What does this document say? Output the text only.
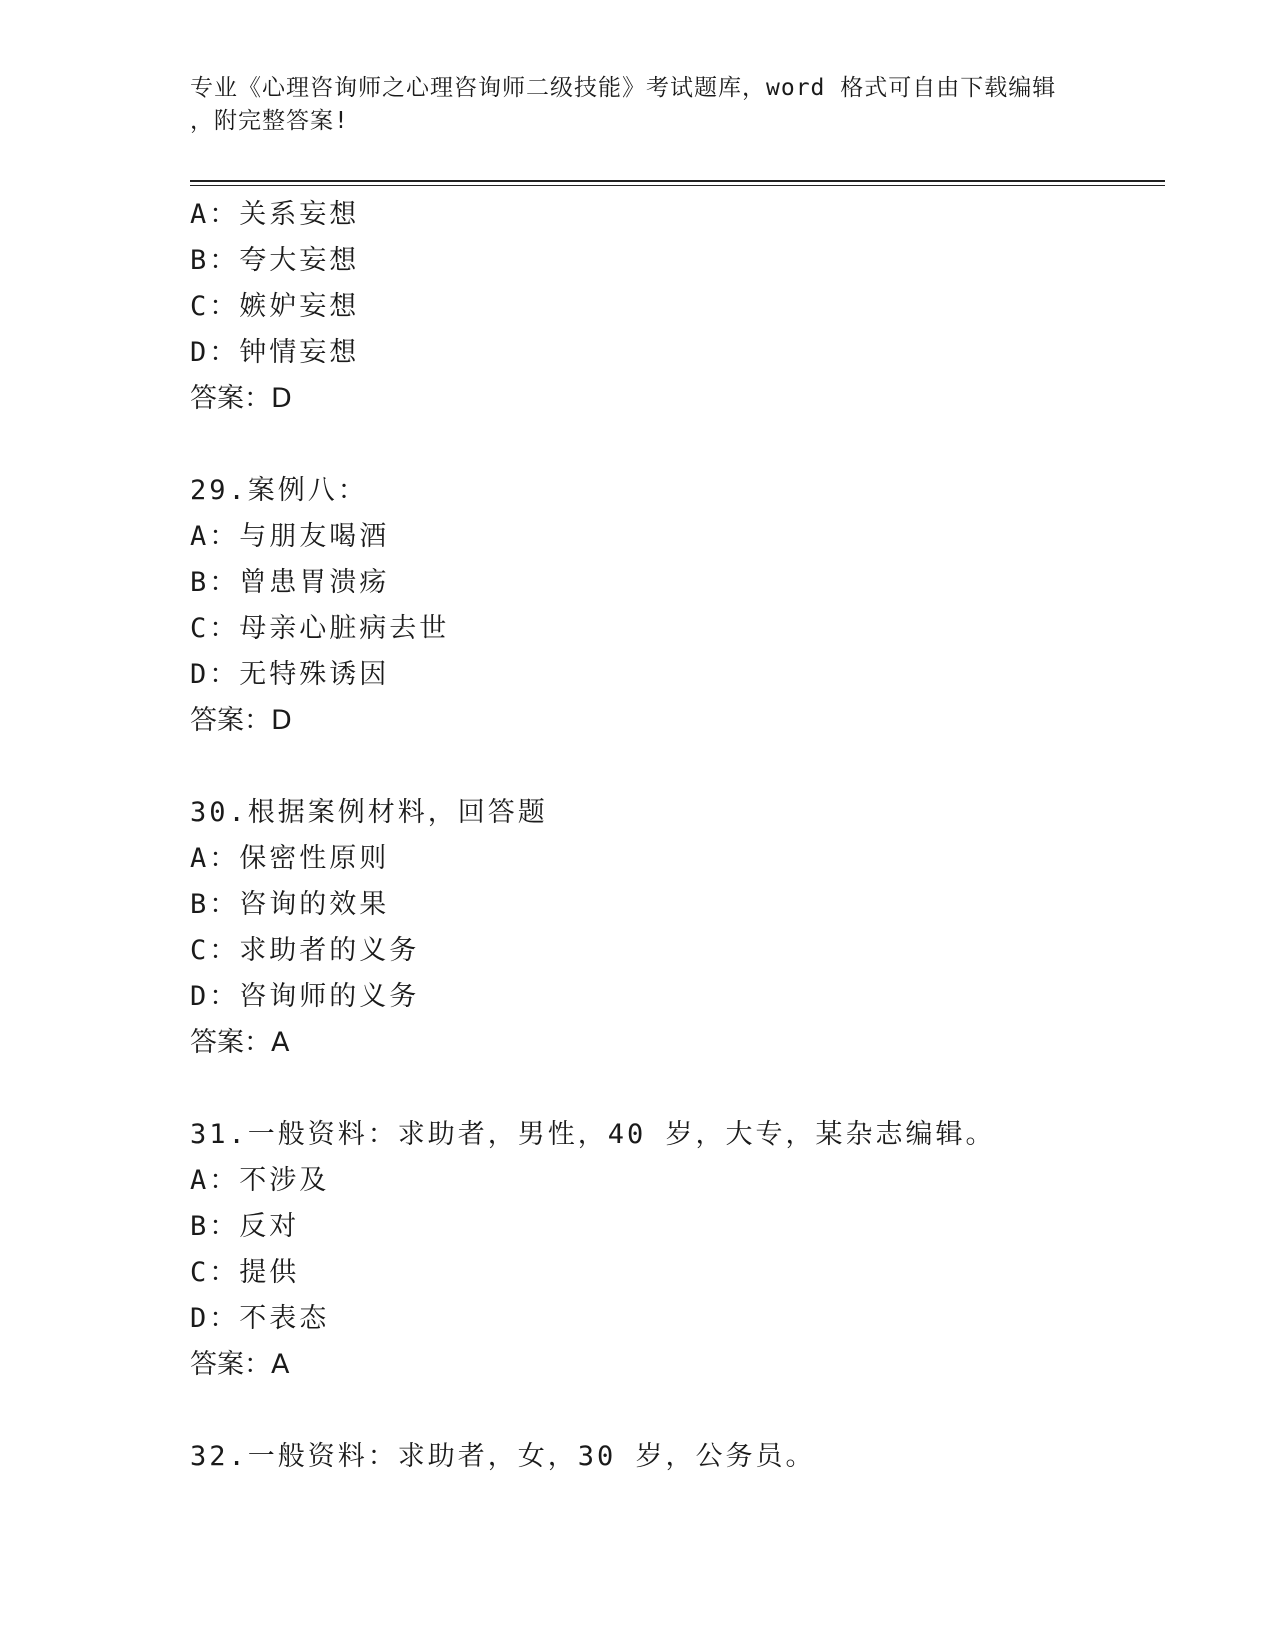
专业《心理咨询师之心理咨询师二级技能》考试题库，word 格式可自由下载编辑
，附完整答案!
A：关系妄想
B：夸大妄想
C：嫉妒妄想
D：钟情妄想
答案：D
29.案例八：
A：与朋友喝酒
B：曾患胃溃疡
C：母亲心脏病去世
D：无特殊诱因
答案：D
30.根据案例材料，回答题
A：保密性原则
B：咨询的效果
C：求助者的义务
D：咨询师的义务
答案：A
31.一般资料：求助者，男性，40 岁，大专，某杂志编辑。
A：不涉及
B：反对
C：提供
D：不表态
答案：A
32.一般资料：求助者，女，30 岁，公务员。
